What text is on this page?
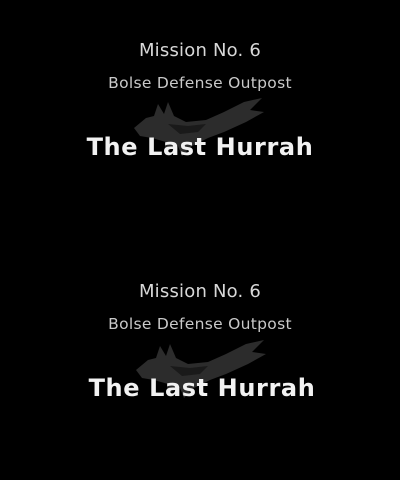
Mission No. 6
Bolse Defense Outpost
The Last Hurrah
Mission No. 6
Bolse Defense Outpost
The Last Hurrah
